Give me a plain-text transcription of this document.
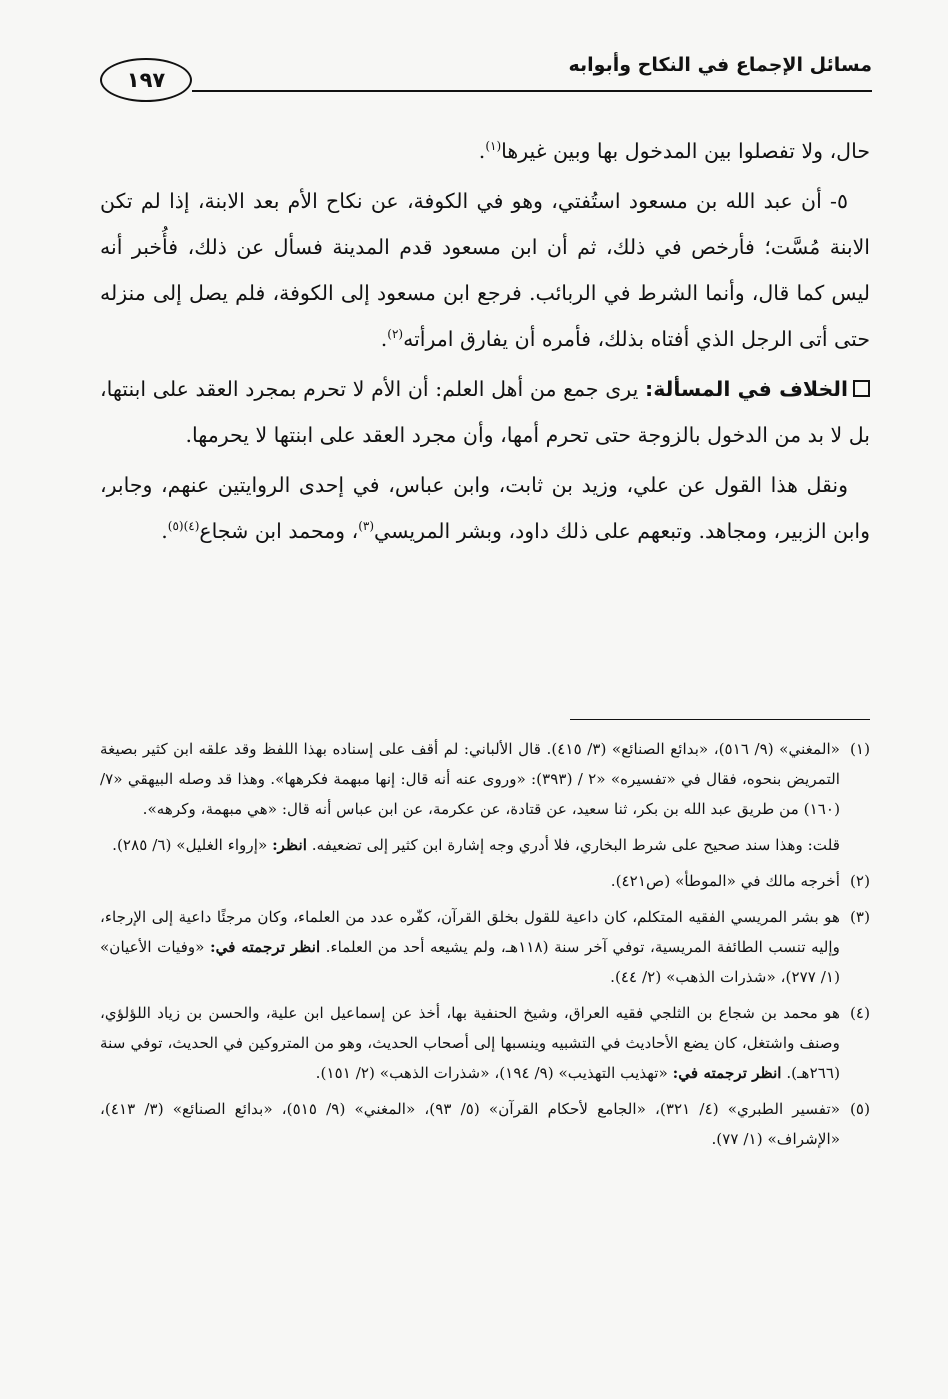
١٩٧
مسائل الإجماع في النكاح وأبوابه

حال، ولا تفصلوا بين المدخول بها وبين غيرها$^{(١)}$.

٥- أن عبد الله بن مسعود استُفتي، وهو في الكوفة، عن نكاح الأم بعد الابنة، إذا لم تكن الابنة مُسَّت؛ فأرخص في ذلك، ثم أن ابن مسعود قدم المدينة فسأل عن ذلك، فأُخبر أنه ليس كما قال، وأنما الشرط في الربائب. فرجع ابن مسعود إلى الكوفة، فلم يصل إلى منزله حتى أتى الرجل الذي أفتاه بذلك، فأمره أن يفارق امرأته$^{(٢)}$.

الخلاف في المسألة: يرى جمع من أهل العلم: أن الأم لا تحرم بمجرد العقد على ابنتها، بل لا بد من الدخول بالزوجة حتى تحرم أمها، وأن مجرد العقد على ابنتها لا يحرمها.

ونقل هذا القول عن علي، وزيد بن ثابت، وابن عباس، في إحدى الروايتين عنهم، وجابر، وابن الزبير، ومجاهد. وتبعهم على ذلك داود، وبشر المريسي$^{(٣)}$، ومحمد ابن شجاع$^{(٤)(٥)}$.

(١)
«المغني» (٩/ ٥١٦)، «بدائع الصنائع» (٣/ ٤١٥). قال الألباني: لم أقف على إسناده بهذا اللفظ وقد علقه ابن كثير بصيغة التمريض بنحوه، فقال في «تفسيره» «٢ / (٣٩٣): «وروى عنه أنه قال: إنها مبهمة فكرهها». وهذا قد وصله البيهقي «٧/ (١٦٠) من طريق عبد الله بن بكر، ثنا سعيد، عن قتادة، عن عكرمة، عن ابن عباس أنه قال: «هي مبهمة، وكرهه».

قلت: وهذا سند صحيح على شرط البخاري، فلا أدري وجه إشارة ابن كثير إلى تضعيفه. انظر: «إرواء الغليل» (٦/ ٢٨٥).

(٢)
أخرجه مالك في «الموطأ» (ص٤٢١).

(٣)
هو بشر المريسي الفقيه المتكلم، كان داعية للقول بخلق القرآن، كفّره عدد من العلماء، وكان مرجئًا داعية إلى الإرجاء، وإليه تنسب الطائفة المريسية، توفي آخر سنة (١١٨هـ، ولم يشيعه أحد من العلماء. انظر ترجمته في: «وفيات الأعيان» (١/ ٢٧٧)، «شذرات الذهب» (٢/ ٤٤).

(٤)
هو محمد بن شجاع بن الثلجي فقيه العراق، وشيخ الحنفية بها، أخذ عن إسماعيل ابن علية، والحسن بن زياد اللؤلؤي، وصنف واشتغل، كان يضع الأحاديث في التشبيه وينسبها إلى أصحاب الحديث، وهو من المتروكين في الحديث، توفي سنة (٢٦٦هـ). انظر ترجمته في: «تهذيب التهذيب» (٩/ ١٩٤)، «شذرات الذهب» (٢/ ١٥١).

(٥)
«تفسير الطبري» (٤/ ٣٢١)، «الجامع لأحكام القرآن» (٥/ ٩٣)، «المغني» (٩/ ٥١٥)، «بدائع الصنائع» (٣/ ٤١٣)، «الإشراف» (١/ ٧٧).
